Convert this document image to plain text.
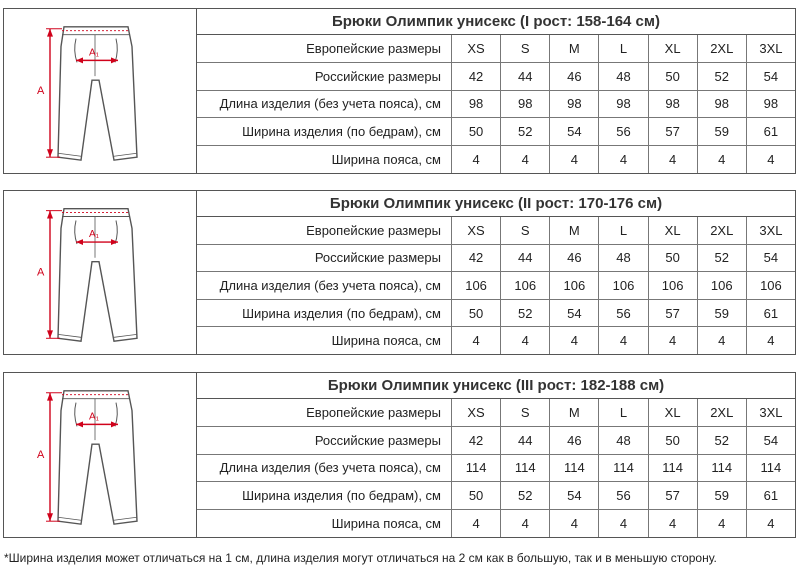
A
A₁
Брюки Олимпик унисекс (I рост: 158-164 см)
Европейские размеры	XS	S	M	L	XL	2XL	3XL
Российские размеры	42	44	46	48	50	52	54
Длина изделия (без учета пояса), см	98	98	98	98	98	98	98
Ширина изделия (по бедрам), см	50	52	54	56	57	59	61
Ширина пояса, см	4	4	4	4	4	4	4
A
A₁
Брюки Олимпик унисекс (II рост: 170-176 см)
Европейские размеры	XS	S	M	L	XL	2XL	3XL
Российские размеры	42	44	46	48	50	52	54
Длина изделия (без учета пояса), см	106	106	106	106	106	106	106
Ширина изделия (по бедрам), см	50	52	54	56	57	59	61
Ширина пояса, см	4	4	4	4	4	4	4
A
A₁
Брюки Олимпик унисекс (III рост: 182-188 см)
Европейские размеры	XS	S	M	L	XL	2XL	3XL
Российские размеры	42	44	46	48	50	52	54
Длина изделия (без учета пояса), см	114	114	114	114	114	114	114
Ширина изделия (по бедрам), см	50	52	54	56	57	59	61
Ширина пояса, см	4	4	4	4	4	4	4
*Ширина изделия может отличаться на 1 см, длина изделия могут отличаться на 2 см как в большую, так и в меньшую сторону.
